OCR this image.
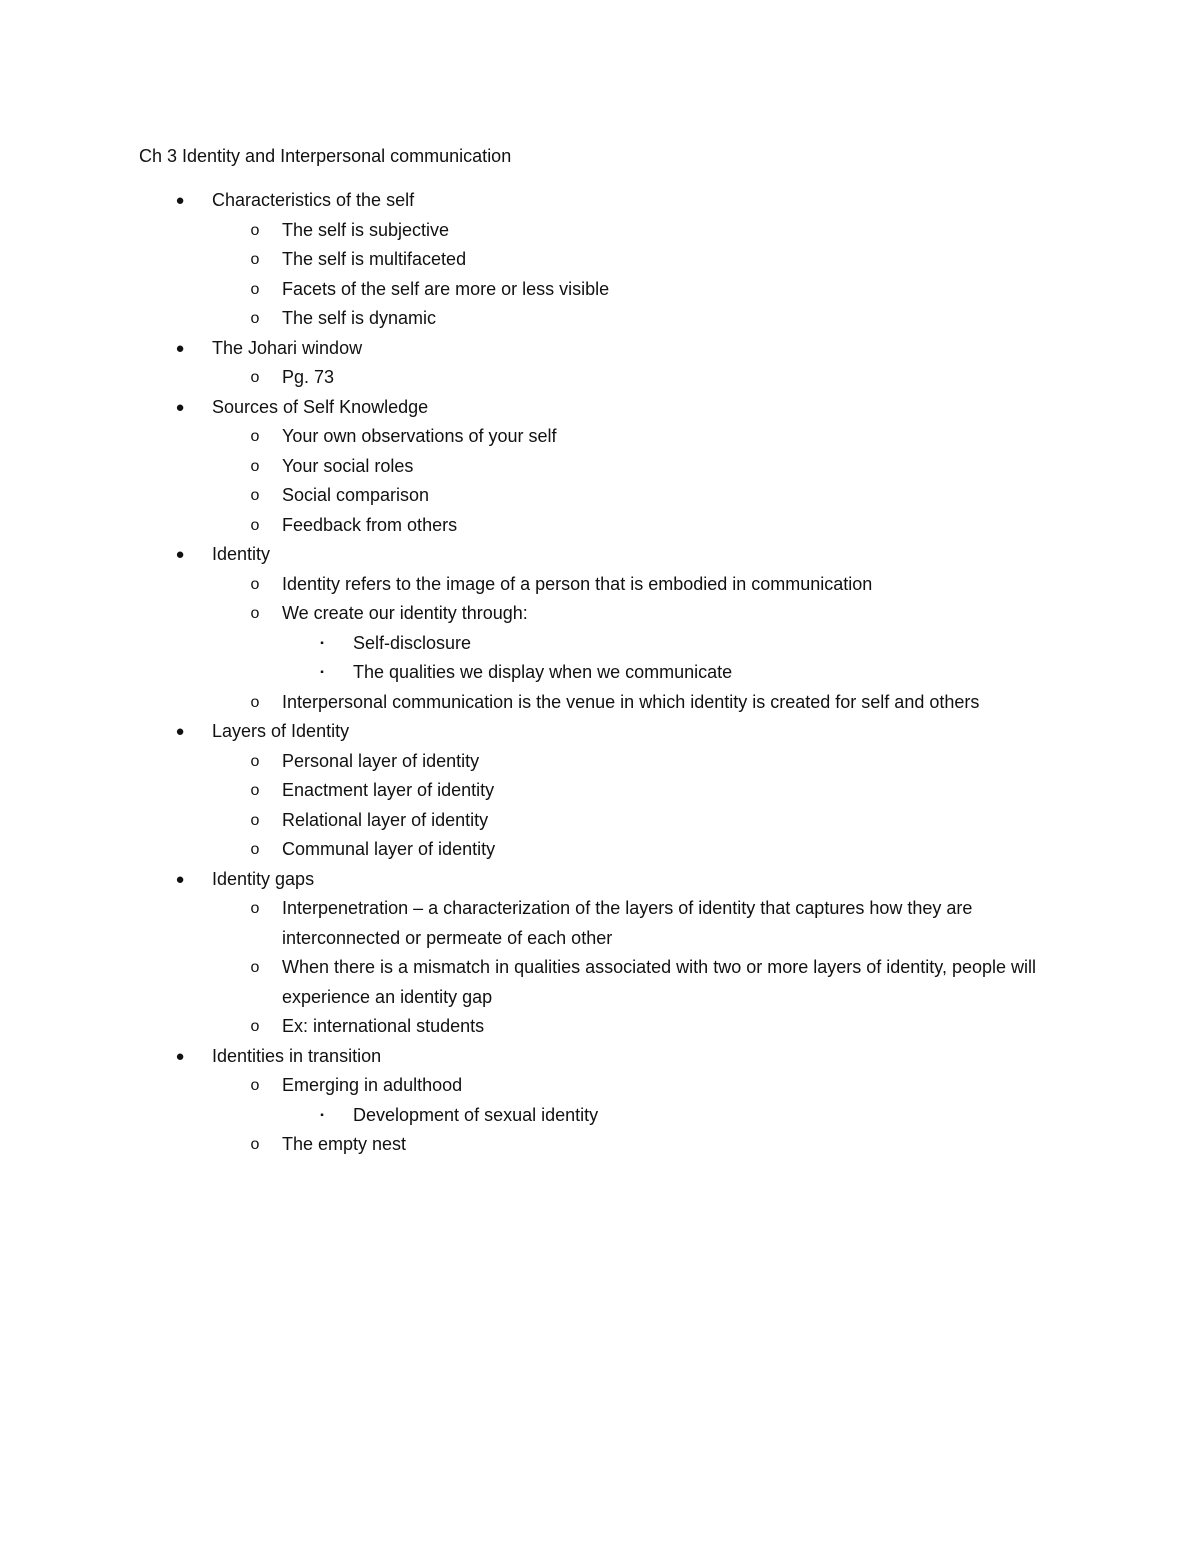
Ch 3 Identity and Interpersonal communication
● Characteristics of the self
o The self is subjective
o The self is multifaceted
o Facets of the self are more or less visible
o The self is dynamic
● The Johari window
o Pg. 73
● Sources of Self Knowledge
o Your own observations of your self
o Your social roles
o Social comparison
o Feedback from others
● Identity
o Identity refers to the image of a person that is embodied in communication
o We create our identity through:
▪ Self-disclosure
▪ The qualities we display when we communicate
o Interpersonal communication is the venue in which identity is created for self and others
● Layers of Identity
o Personal layer of identity
o Enactment layer of identity
o Relational layer of identity
o Communal layer of identity
● Identity gaps
o Interpenetration – a characterization of the layers of identity that captures how they are interconnected or permeate of each other
o When there is a mismatch in qualities associated with two or more layers of identity, people will experience an identity gap
o Ex: international students
● Identities in transition
o Emerging in adulthood
▪ Development of sexual identity
o The empty nest
